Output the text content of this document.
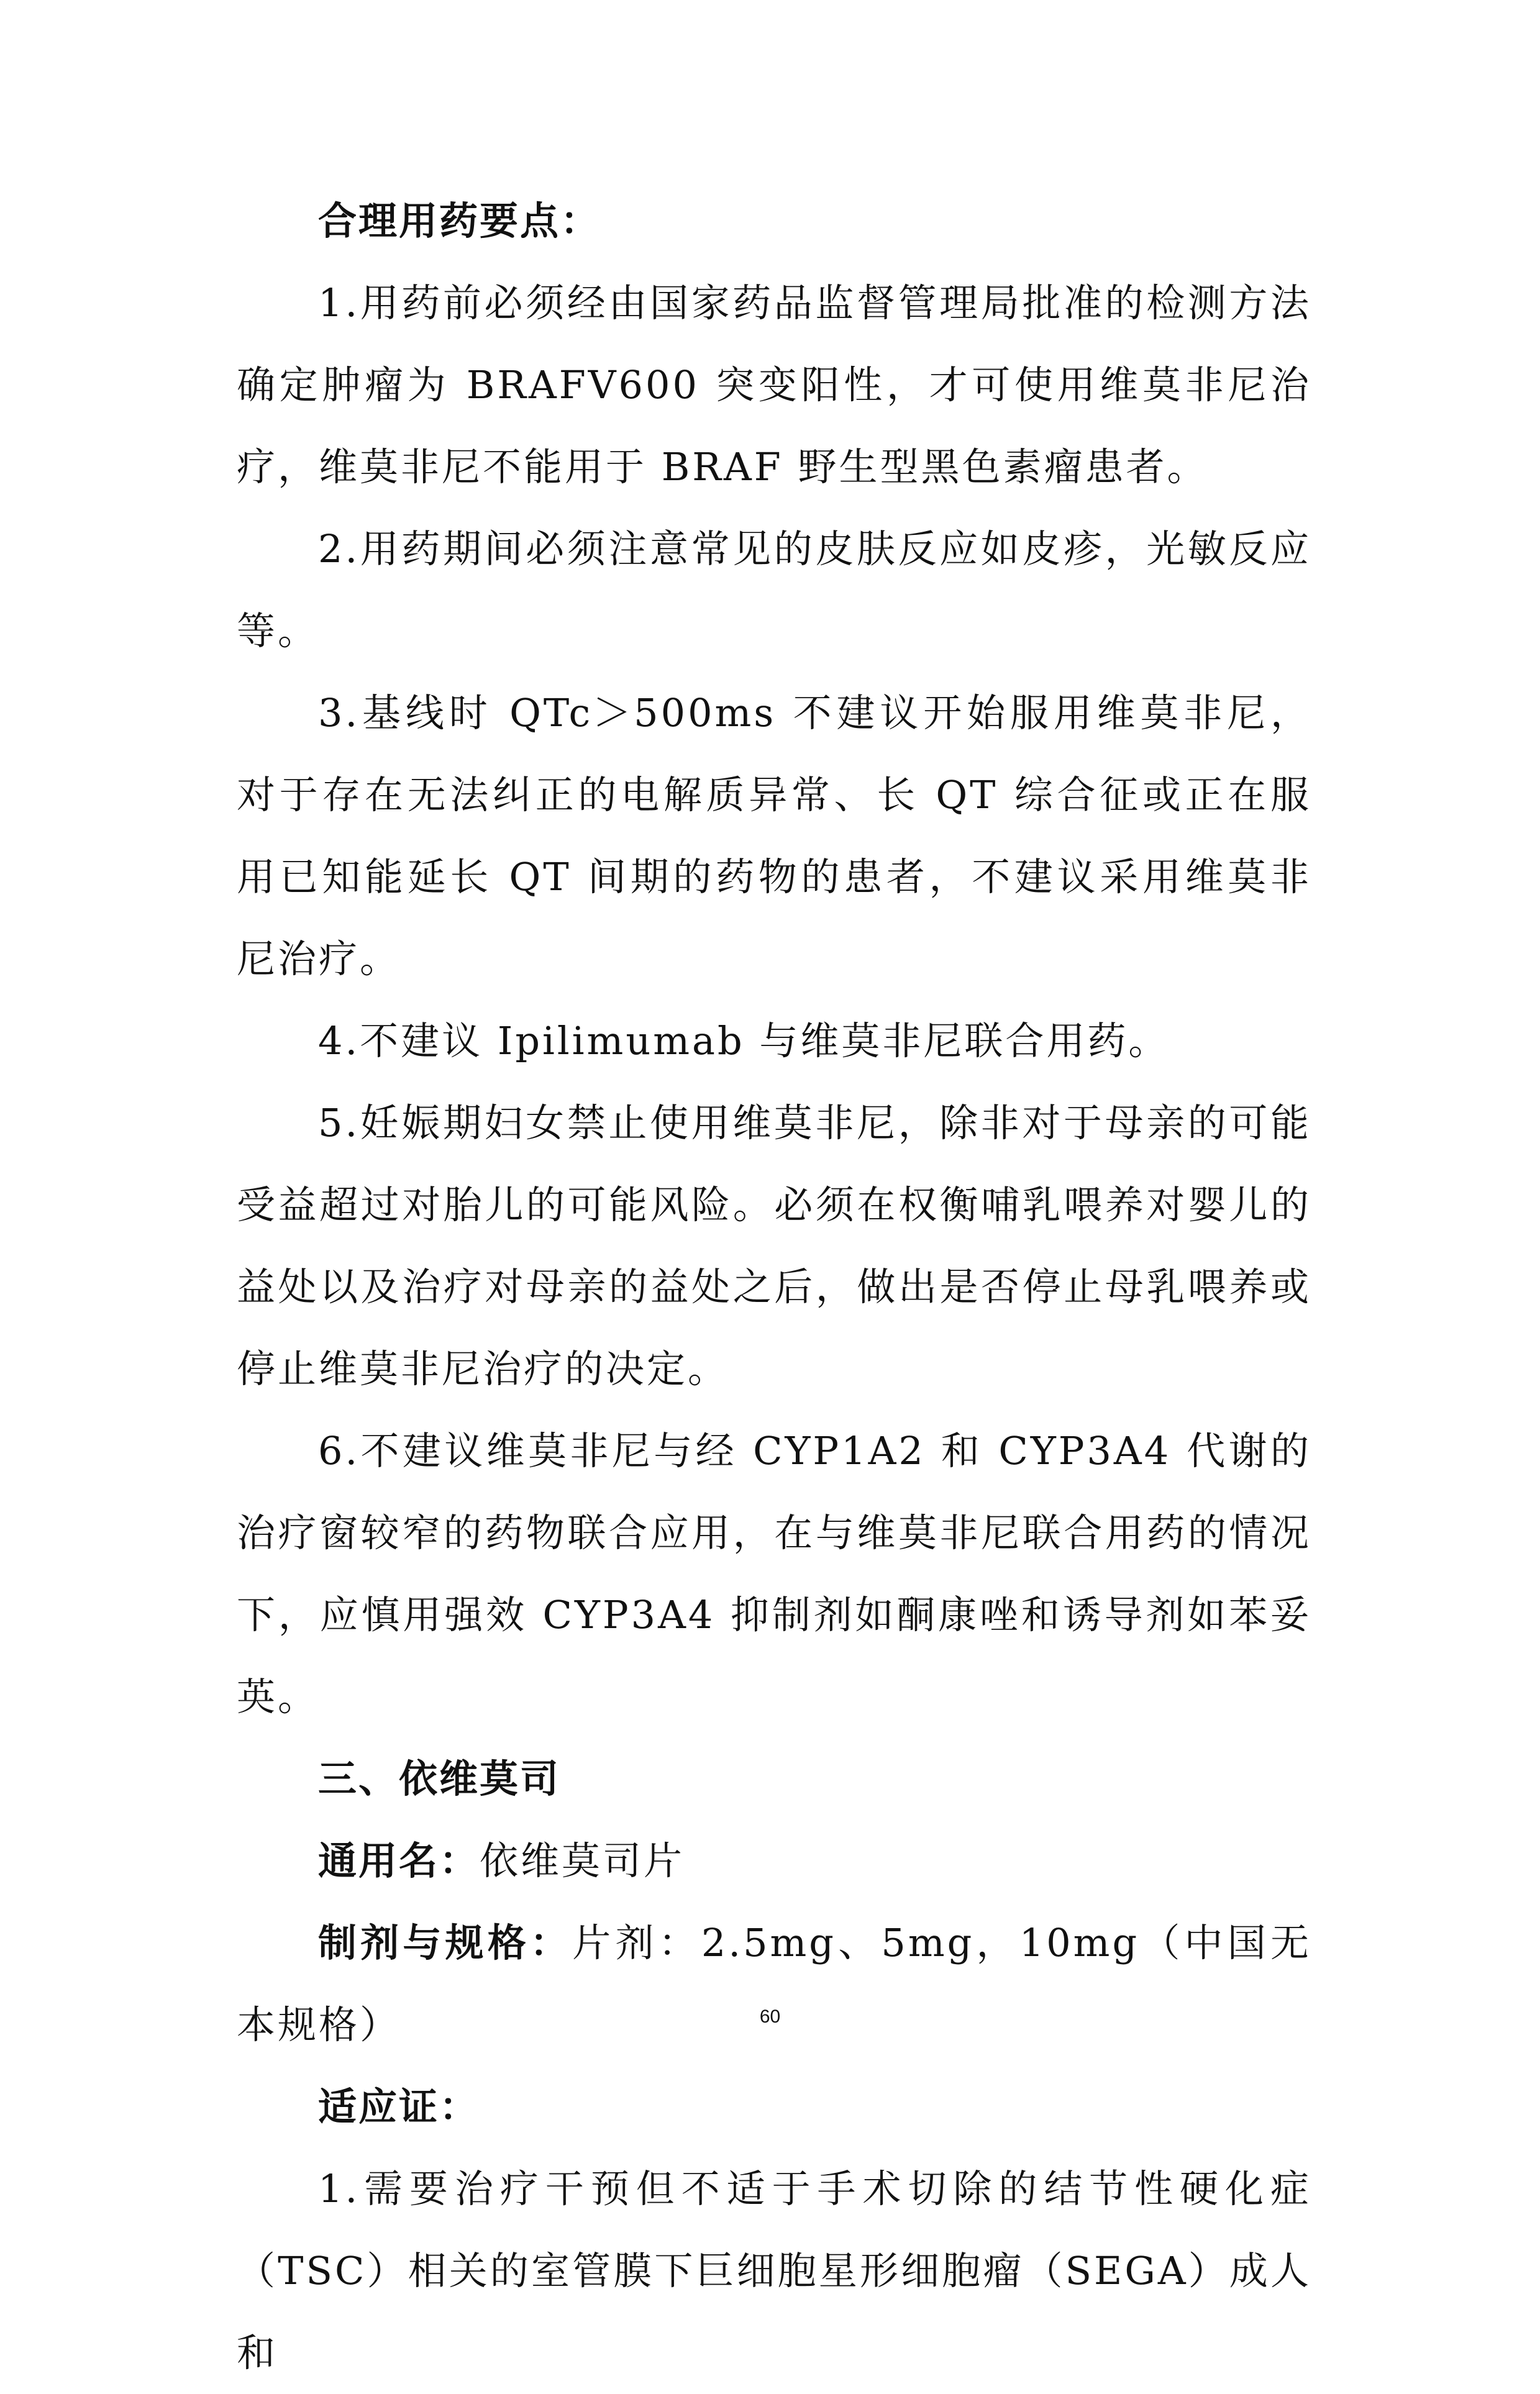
合理用药要点：

1.用药前必须经由国家药品监督管理局批准的检测方法确定肿瘤为 BRAFV600 突变阳性，才可使用维莫非尼治疗，维莫非尼不能用于 BRAF 野生型黑色素瘤患者。

2.用药期间必须注意常见的皮肤反应如皮疹，光敏反应等。

3.基线时 QTc＞500ms 不建议开始服用维莫非尼，对于存在无法纠正的电解质异常、长 QT 综合征或正在服用已知能延长 QT 间期的药物的患者，不建议采用维莫非尼治疗。

4.不建议 Ipilimumab 与维莫非尼联合用药。

5.妊娠期妇女禁止使用维莫非尼，除非对于母亲的可能受益超过对胎儿的可能风险。必须在权衡哺乳喂养对婴儿的益处以及治疗对母亲的益处之后，做出是否停止母乳喂养或停止维莫非尼治疗的决定。

6.不建议维莫非尼与经 CYP1A2 和 CYP3A4 代谢的治疗窗较窄的药物联合应用，在与维莫非尼联合用药的情况下，应慎用强效 CYP3A4 抑制剂如酮康唑和诱导剂如苯妥英。

三、依维莫司

通用名：依维莫司片

制剂与规格：片剂：2.5mg、5mg，10mg（中国无本规格）

适应证：

1.需要治疗干预但不适于手术切除的结节性硬化症（TSC）相关的室管膜下巨细胞星形细胞瘤（SEGA）成人和

60
